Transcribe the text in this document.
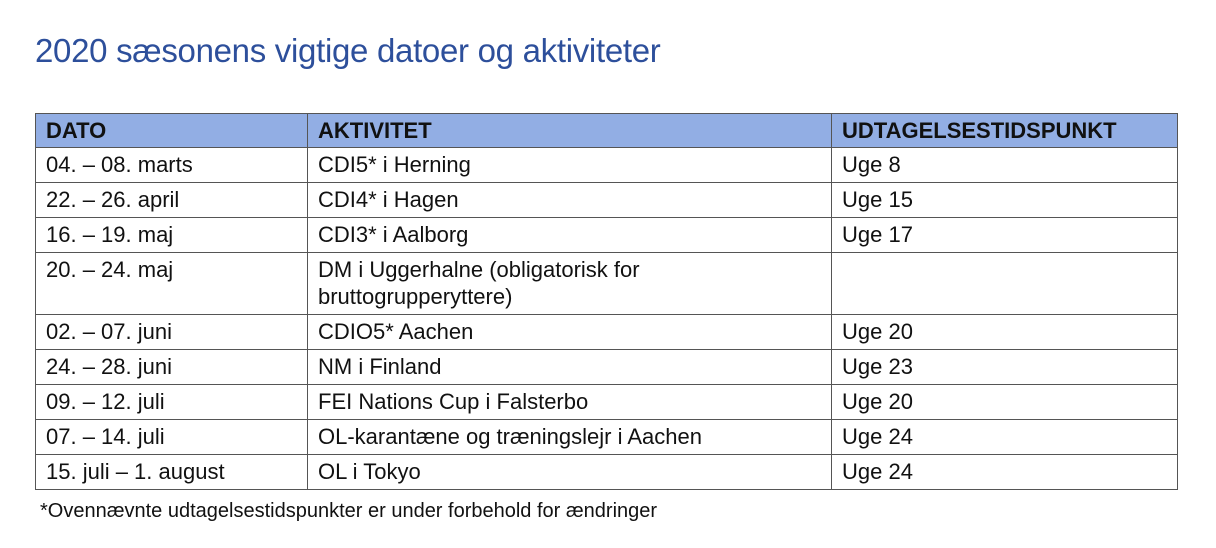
2020 sæsonens vigtige datoer og aktiviteter
DATO	AKTIVITET	UDTAGELSESTIDSPUNKT
04. – 08. marts	CDI5* i Herning	Uge 8
22. – 26. april	CDI4* i Hagen	Uge 15
16. – 19. maj	CDI3* i Aalborg	Uge 17
20. – 24. maj	DM i Uggerhalne (obligatorisk for bruttogrupperyttere)	
02. – 07. juni	CDIO5* Aachen	Uge 20
24. – 28. juni	NM i Finland	Uge 23
09. – 12. juli	FEI Nations Cup i Falsterbo	Uge 20
07. – 14. juli	OL-karantæne og træningslejr i Aachen	Uge 24
15. juli – 1. august	OL i Tokyo	Uge 24

*Ovennævnte udtagelsestidspunkter er under forbehold for ændringer
